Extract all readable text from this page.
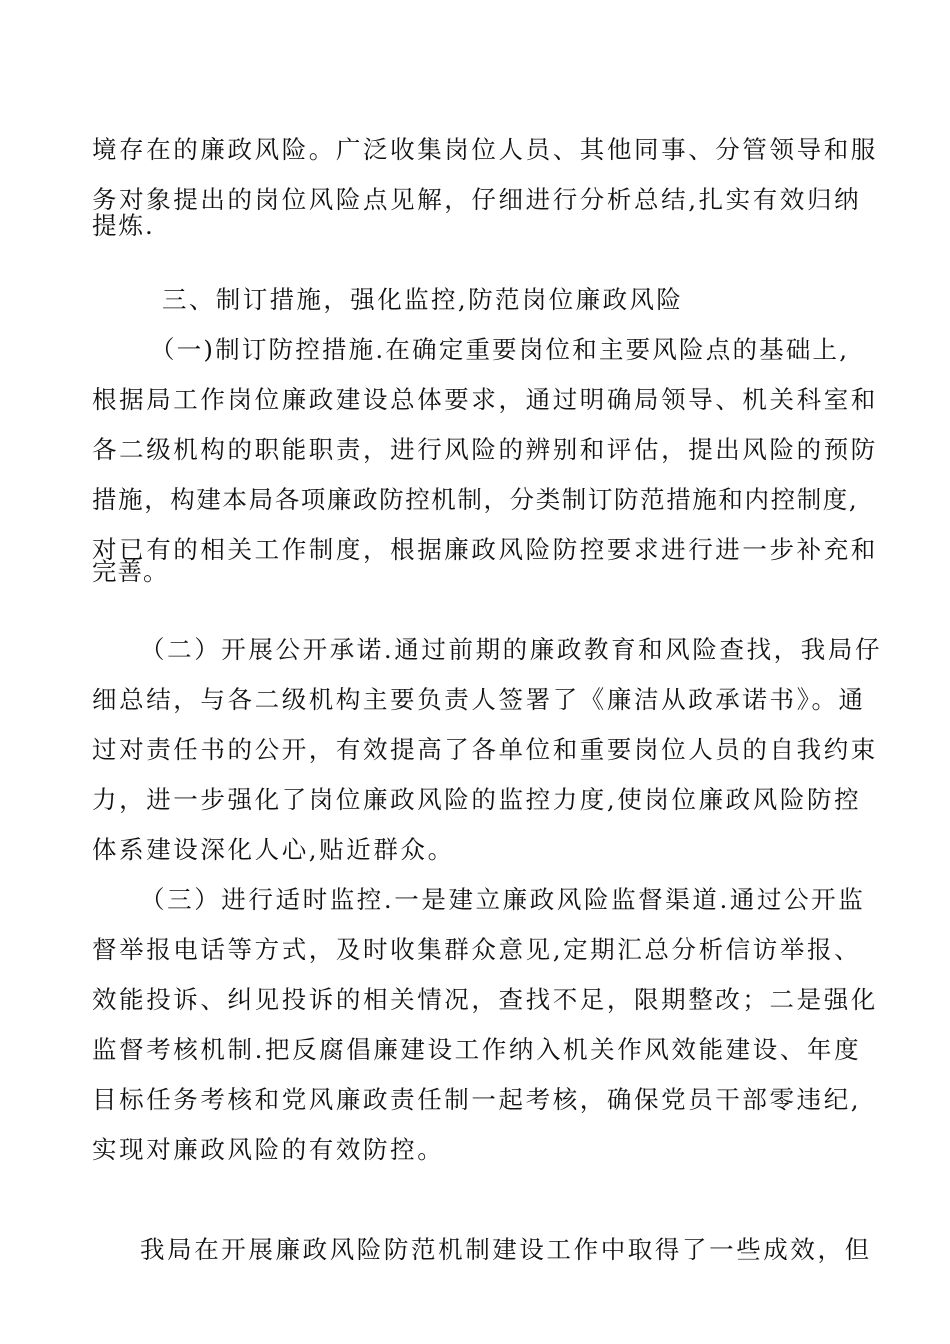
境存在的廉政风险。广泛收集岗位人员、其他同事、分管领导和服
务对象提出的岗位风险点见解，仔细进行分析总结,扎实有效归纳
提炼.
三、制订措施，强化监控,防范岗位廉政风险
（一)制订防控措施.在确定重要岗位和主要风险点的基础上,
根据局工作岗位廉政建设总体要求，通过明确局领导、机关科室和
各二级机构的职能职责，进行风险的辨别和评估，提出风险的预防
措施，构建本局各项廉政防控机制，分类制订防范措施和内控制度,
对已有的相关工作制度，根据廉政风险防控要求进行进一步补充和
完善。
（二）开展公开承诺.通过前期的廉政教育和风险查找，我局仔
细总结，与各二级机构主要负责人签署了《廉洁从政承诺书》。通
过对责任书的公开，有效提高了各单位和重要岗位人员的自我约束
力，进一步强化了岗位廉政风险的监控力度,使岗位廉政风险防控
体系建设深化人心,贴近群众。
（三）进行适时监控.一是建立廉政风险监督渠道.通过公开监
督举报电话等方式，及时收集群众意见,定期汇总分析信访举报、
效能投诉、纠见投诉的相关情况，查找不足，限期整改；二是强化
监督考核机制.把反腐倡廉建设工作纳入机关作风效能建设、年度
目标任务考核和党风廉政责任制一起考核，确保党员干部零违纪,
实现对廉政风险的有效防控。
我局在开展廉政风险防范机制建设工作中取得了一些成效，但
